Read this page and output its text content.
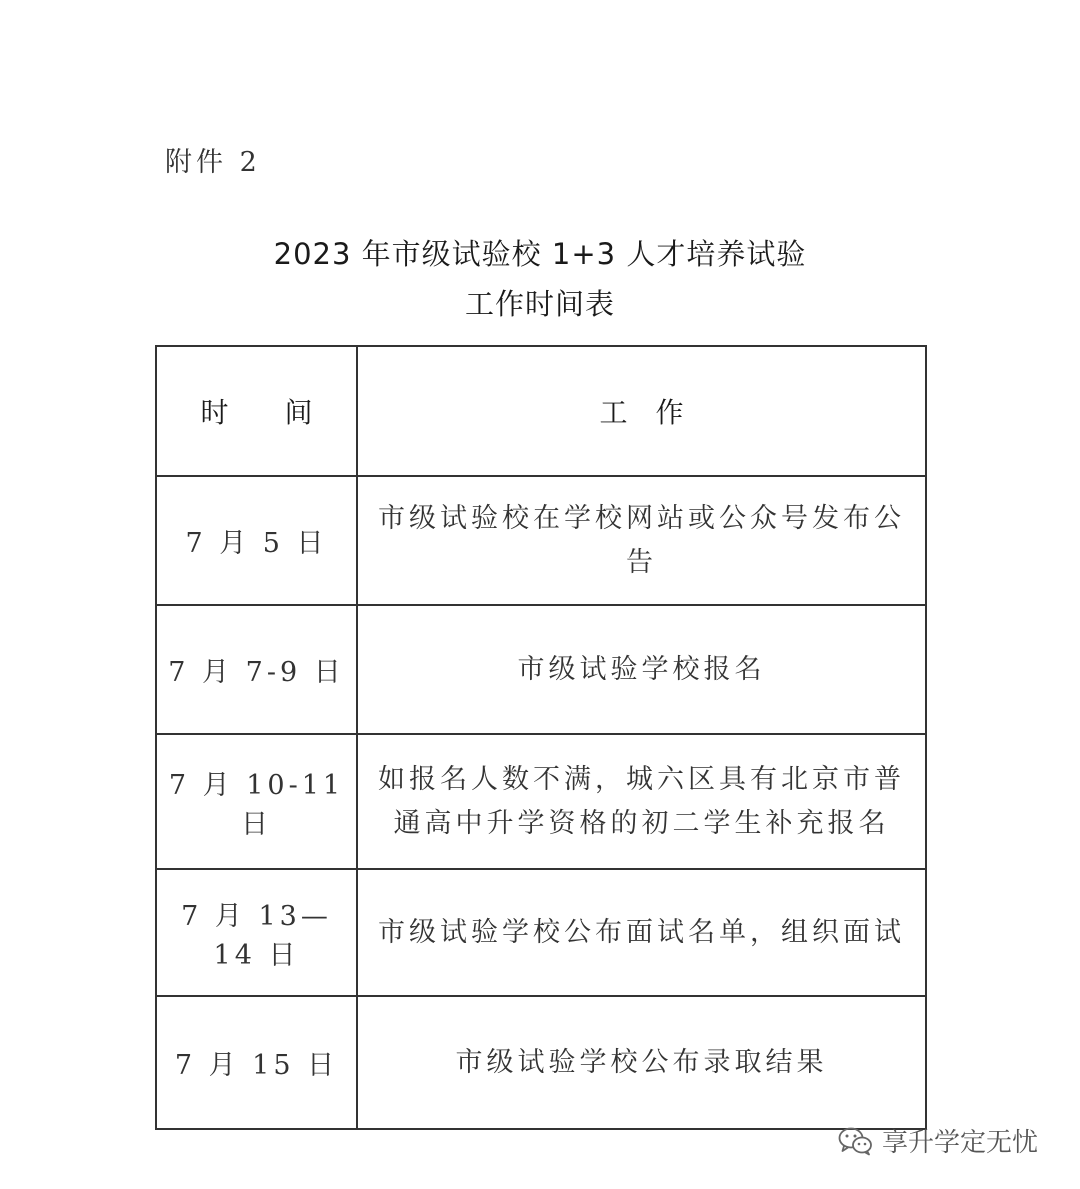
附件 2
2023 年市级试验校 1+3 人才培养试验
工作时间表
时　　间	工　作
7 月 5 日	市级试验校在学校网站或公众号发布公告
7 月 7-9 日	市级试验学校报名
7 月 10-11 日	如报名人数不满，城六区具有北京市普通高中升学资格的初二学生补充报名
7 月 13—14 日	市级试验学校公布面试名单，组织面试
7 月 15 日	市级试验学校公布录取结果
享升学定无忧
